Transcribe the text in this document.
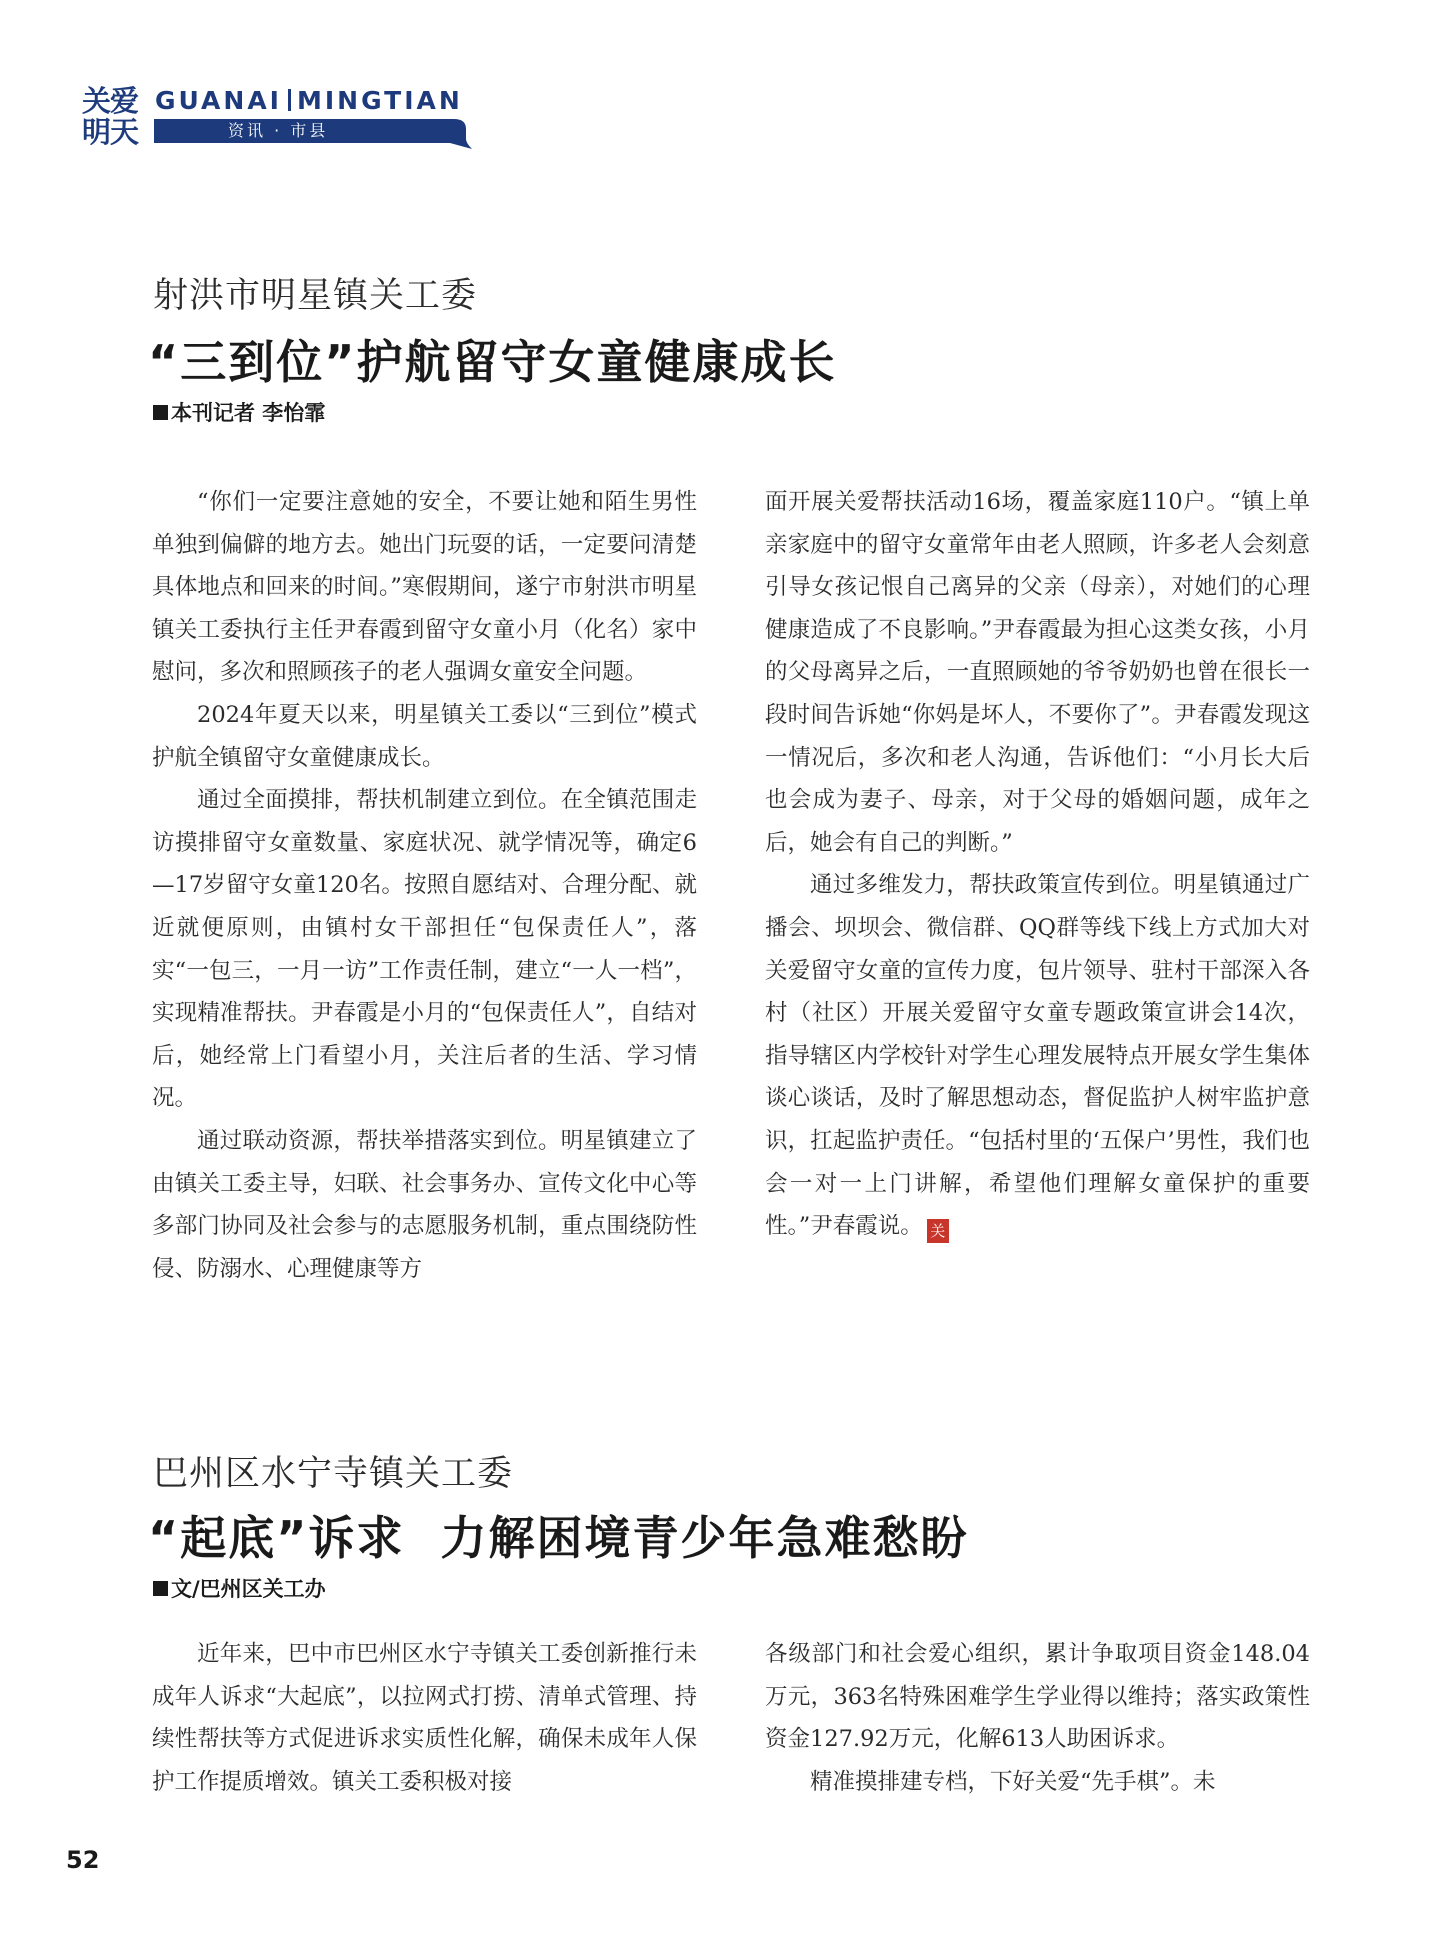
关爱明天
GUANAI MINGTIAN
资讯 · 市县
射洪市明星镇关工委
“三到位”护航留守女童健康成长
本刊记者 李怡霏

“你们一定要注意她的安全，不要让她和陌生男性单独到偏僻的地方去。她出门玩耍的话，一定要问清楚具体地点和回来的时间。”寒假期间，遂宁市射洪市明星镇关工委执行主任尹春霞到留守女童小月（化名）家中慰问，多次和照顾孩子的老人强调女童安全问题。

2024年夏天以来，明星镇关工委以“三到位”模式护航全镇留守女童健康成长。

通过全面摸排，帮扶机制建立到位。在全镇范围走访摸排留守女童数量、家庭状况、就学情况等，确定6—17岁留守女童120名。按照自愿结对、合理分配、就近就便原则，由镇村女干部担任“包保责任人”，落实“一包三，一月一访”工作责任制，建立“一人一档”，实现精准帮扶。尹春霞是小月的“包保责任人”，自结对后，她经常上门看望小月，关注后者的生活、学习情况。

通过联动资源，帮扶举措落实到位。明星镇建立了由镇关工委主导，妇联、社会事务办、宣传文化中心等多部门协同及社会参与的志愿服务机制，重点围绕防性侵、防溺水、心理健康等方

面开展关爱帮扶活动16场，覆盖家庭110户。“镇上单亲家庭中的留守女童常年由老人照顾，许多老人会刻意引导女孩记恨自己离异的父亲（母亲），对她们的心理健康造成了不良影响。”尹春霞最为担心这类女孩，小月的父母离异之后，一直照顾她的爷爷奶奶也曾在很长一段时间告诉她“你妈是坏人，不要你了”。尹春霞发现这一情况后，多次和老人沟通，告诉他们：“小月长大后也会成为妻子、母亲，对于父母的婚姻问题，成年之后，她会有自己的判断。”

通过多维发力，帮扶政策宣传到位。明星镇通过广播会、坝坝会、微信群、QQ群等线下线上方式加大对关爱留守女童的宣传力度，包片领导、驻村干部深入各村（社区）开展关爱留守女童专题政策宣讲会14次，指导辖区内学校针对学生心理发展特点开展女学生集体谈心谈话，及时了解思想动态，督促监护人树牢监护意识，扛起监护责任。“包括村里的‘五保户’男性，我们也会一对一上门讲解，希望他们理解女童保护的重要性。”尹春霞说。 关

巴州区水宁寺镇关工委
“起底”诉求  力解困境青少年急难愁盼
文/巴州区关工办

近年来，巴中市巴州区水宁寺镇关工委创新推行未成年人诉求“大起底”，以拉网式打捞、清单式管理、持续性帮扶等方式促进诉求实质性化解，确保未成年人保护工作提质增效。镇关工委积极对接

各级部门和社会爱心组织，累计争取项目资金148.04万元，363名特殊困难学生学业得以维持；落实政策性资金127.92万元，化解613人助困诉求。

精准摸排建专档，下好关爱“先手棋”。未

52
